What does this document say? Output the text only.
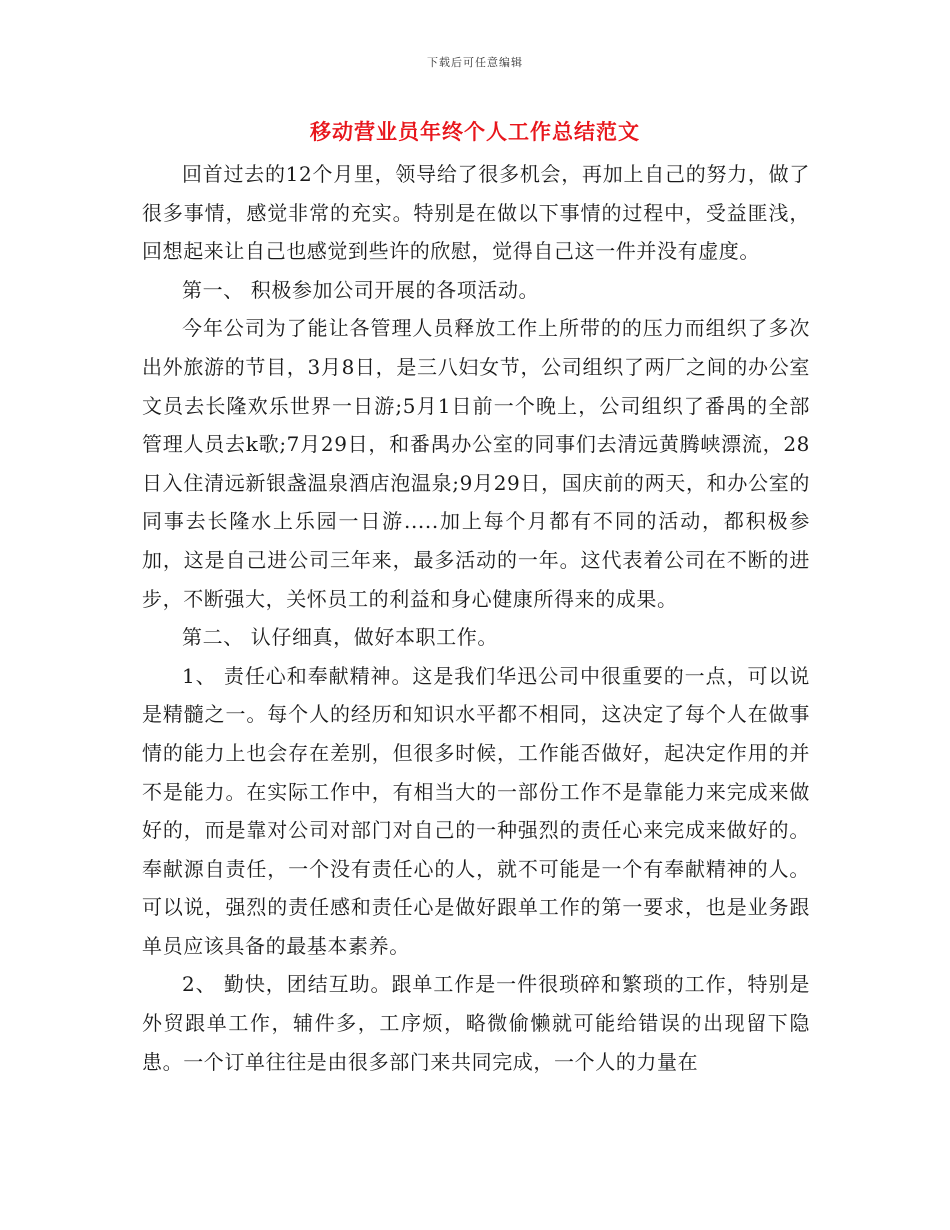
下载后可任意编辑
移动营业员年终个人工作总结范文

回首过去的12个月里，领导给了很多机会，再加上自己的努力，做了很多事情，感觉非常的充实。特别是在做以下事情的过程中，受益匪浅，回想起来让自己也感觉到些许的欣慰，觉得自己这一件并没有虚度。

第一、 积极参加公司开展的各项活动。

今年公司为了能让各管理人员释放工作上所带的的压力而组织了多次出外旅游的节目，3月8日，是三八妇女节，公司组织了两厂之间的办公室文员去长隆欢乐世界一日游;5月1日前一个晚上，公司组织了番禺的全部管理人员去k歌;7月29日，和番禺办公室的同事们去清远黄腾峡漂流，28日入住清远新银盏温泉酒店泡温泉;9月29日，国庆前的两天，和办公室的同事去长隆水上乐园一日游.....加上每个月都有不同的活动，都积极参加，这是自己进公司三年来，最多活动的一年。这代表着公司在不断的进步，不断强大，关怀员工的利益和身心健康所得来的成果。

第二、 认仔细真，做好本职工作。

1、 责任心和奉献精神。这是我们华迅公司中很重要的一点，可以说是精髓之一。每个人的经历和知识水平都不相同，这决定了每个人在做事情的能力上也会存在差别，但很多时候，工作能否做好，起决定作用的并不是能力。在实际工作中，有相当大的一部份工作不是靠能力来完成来做好的，而是靠对公司对部门对自己的一种强烈的责任心来完成来做好的。奉献源自责任，一个没有责任心的人，就不可能是一个有奉献精神的人。可以说，强烈的责任感和责任心是做好跟单工作的第一要求，也是业务跟单员应该具备的最基本素养。

2、 勤快，团结互助。跟单工作是一件很琐碎和繁琐的工作，特别是外贸跟单工作，辅件多，工序烦，略微偷懒就可能给错误的出现留下隐患。一个订单往往是由很多部门来共同完成，一个人的力量在
